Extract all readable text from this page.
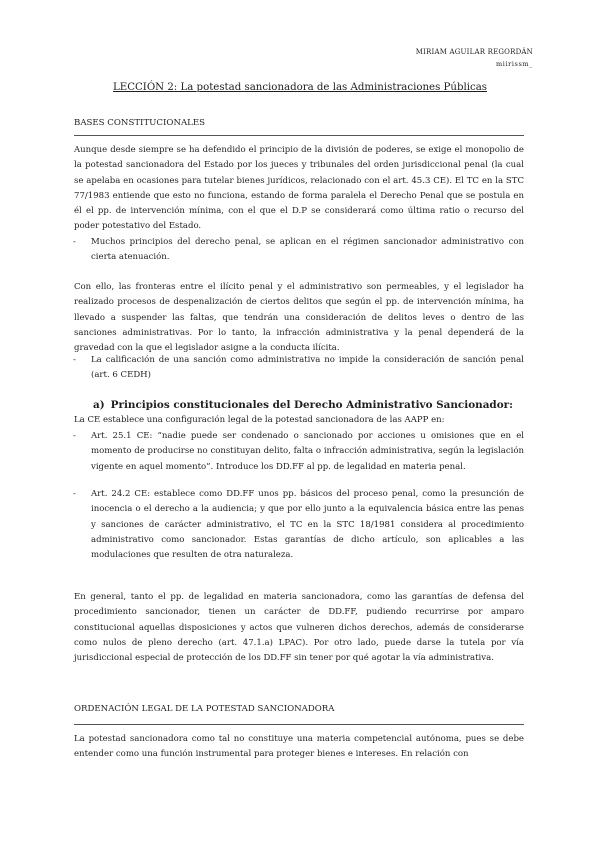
MIRIAM AGUILAR REGORDÁN
miirissm_
LECCIÓN 2: La potestad sancionadora de las Administraciones Públicas
BASES CONSTITUCIONALES
Aunque desde siempre se ha defendido el principio de la división de poderes, se exige el monopolio de la potestad sancionadora del Estado por los jueces y tribunales del orden jurisdiccional penal (la cual se apelaba en ocasiones para tutelar bienes jurídicos, relacionado con el art. 45.3 CE). El TC en la STC 77/1983 entiende que esto no funciona, estando de forma paralela el Derecho Penal que se postula en él el pp. de intervención mínima, con el que el D.P se considerará como última ratio o recurso del poder potestativo del Estado.
- Muchos principios del derecho penal, se aplican en el régimen sancionador administrativo con cierta atenuación.
Con ello, las fronteras entre el ilícito penal y el administrativo son permeables, y el legislador ha realizado procesos de despenalización de ciertos delitos que según el pp. de intervención mínima, ha llevado a suspender las faltas, que tendrán una consideración de delitos leves o dentro de las sanciones administrativas. Por lo tanto, la infracción administrativa y la penal dependerá de la gravedad con la que el legislador asigne a la conducta ilícita.
- La calificación de una sanción como administrativa no impide la consideración de sanción penal (art. 6 CEDH)
a) Principios constitucionales del Derecho Administrativo Sancionador:
La CE establece una configuración legal de la potestad sancionadora de las AAPP en:
- Art. 25.1 CE: “nadie puede ser condenado o sancionado por acciones u omisiones que en el momento de producirse no constituyan delito, falta o infracción administrativa, según la legislación vigente en aquel momento”. Introduce los DD.FF al pp. de legalidad en materia penal.
- Art. 24.2 CE: establece como DD.FF unos pp. básicos del proceso penal, como la presunción de inocencia o el derecho a la audiencia; y que por ello junto a la equivalencia básica entre las penas y sanciones de carácter administrativo, el TC en la STC 18/1981 considera al procedimiento administrativo como sancionador. Estas garantías de dicho artículo, son aplicables a las modulaciones que resulten de otra naturaleza.
En general, tanto el pp. de legalidad en materia sancionadora, como las garantías de defensa del procedimiento sancionador, tienen un carácter de DD.FF, pudiendo recurrirse por amparo constitucional aquellas disposiciones y actos que vulneren dichos derechos, además de considerarse como nulos de pleno derecho (art. 47.1.a) LPAC). Por otro lado, puede darse la tutela por vía jurisdiccional especial de protección de los DD.FF sin tener por qué agotar la vía administrativa.
ORDENACIÓN LEGAL DE LA POTESTAD SANCIONADORA
La potestad sancionadora como tal no constituye una materia competencial autónoma, pues se debe entender como una función instrumental para proteger bienes e intereses. En relación con
